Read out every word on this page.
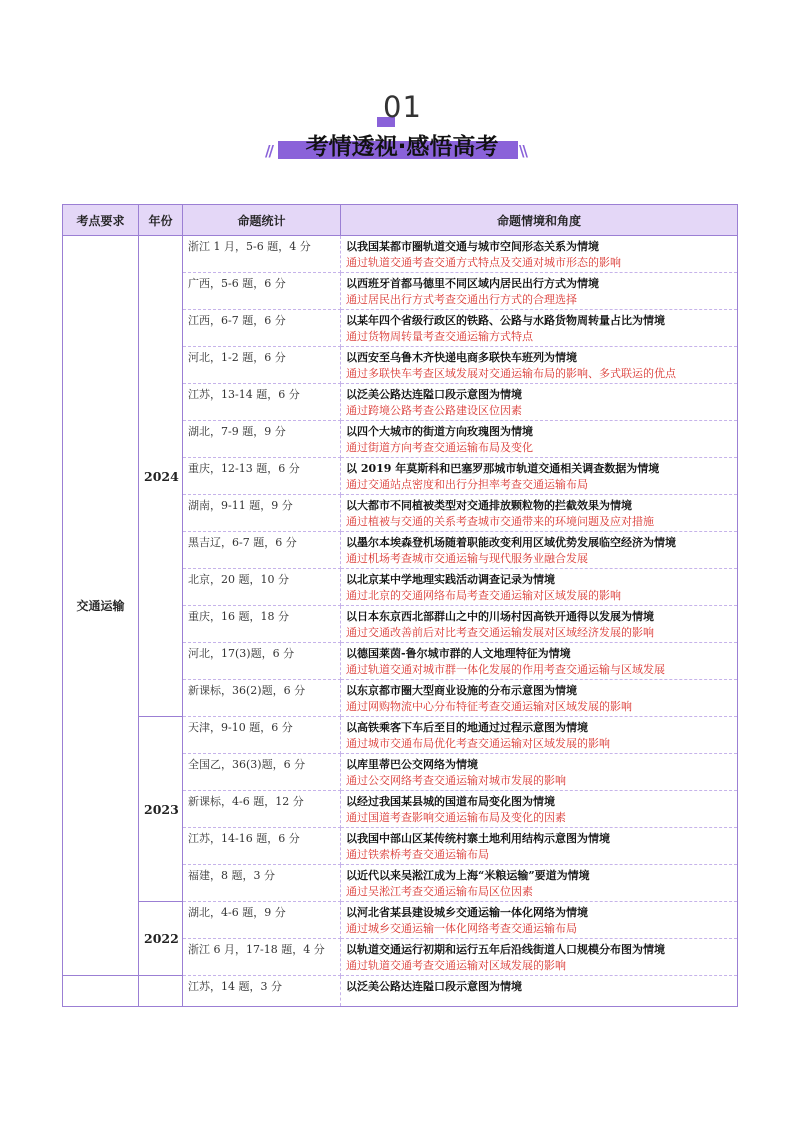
01
//	考情透视·感悟高考	\\
考点要求	年份	命题统计	命题情境和角度
交通运输	2024	浙江 1 月，5-6 题，4 分	以我国某都市圈轨道交通与城市空间形态关系为情境
通过轨道交通考查交通方式特点及交通对城市形态的影响

		广西，5-6 题，6 分	以西班牙首都马德里不同区域内居民出行方式为情境
通过居民出行方式考查交通出行方式的合理选择

		江西，6-7 题，6 分	以某年四个省级行政区的铁路、公路与水路货物周转量占比为情境
通过货物周转量考查交通运输方式特点

		河北，1-2 题，6 分	以西安至乌鲁木齐快递电商多联快车班列为情境
通过多联快车考查区域发展对交通运输布局的影响、多式联运的优点

		江苏，13-14 题，6 分	以泛美公路达连隘口段示意图为情境
通过跨境公路考查公路建设区位因素

		湖北，7-9 题，9 分	以四个大城市的街道方向玫瑰图为情境
通过街道方向考查交通运输布局及变化

		重庆，12-13 题，6 分	以 2019 年莫斯科和巴塞罗那城市轨道交通相关调查数据为情境
通过交通站点密度和出行分担率考查交通运输布局

		湖南，9-11 题，9 分	以大都市不同植被类型对交通排放颗粒物的拦截效果为情境
通过植被与交通的关系考查城市交通带来的环境问题及应对措施

		黑吉辽，6-7 题，6 分	以墨尔本埃森登机场随着职能改变利用区域优势发展临空经济为情境
通过机场考查城市交通运输与现代服务业融合发展

		北京，20 题，10 分	以北京某中学地理实践活动调查记录为情境
通过北京的交通网络布局考查交通运输对区域发展的影响

		重庆，16 题，18 分	以日本东京西北部群山之中的川场村因高铁开通得以发展为情境
通过交通改善前后对比考查交通运输发展对区域经济发展的影响

		河北，17(3)题，6 分	以德国莱茵-鲁尔城市群的人文地理特征为情境
通过轨道交通对城市群一体化发展的作用考查交通运输与区域发展

		新课标，36(2)题，6 分	以东京都市圈大型商业设施的分布示意图为情境
通过网购物流中心分布特征考查交通运输对区域发展的影响

	2023	天津，9-10 题，6 分	以高铁乘客下车后至目的地通过过程示意图为情境
通过城市交通布局优化考查交通运输对区域发展的影响

		全国乙，36(3)题，6 分	以库里蒂巴公交网络为情境
通过公交网络考查交通运输对城市发展的影响

		新课标，4-6 题，12 分	以经过我国某县城的国道布局变化图为情境
通过国道考查影响交通运输布局及变化的因素

		江苏，14-16 题，6 分	以我国中部山区某传统村寨土地利用结构示意图为情境
通过铁索桥考查交通运输布局

		福建，8 题，3 分	以近代以来吴淞江成为上海“米粮运输”要道为情境
通过吴淞江考查交通运输布局区位因素

	2022	湖北，4-6 题，9 分	以河北省某县建设城乡交通运输一体化网络为情境
通过城乡交通运输一体化网络考查交通运输布局

		浙江 6 月，17-18 题，4 分	以轨道交通运行初期和运行五年后沿线街道人口规模分布图为情境
通过轨道交通考查交通运输对区域发展的影响

		江苏，14 题，3 分	以泛美公路达连隘口段示意图为情境
